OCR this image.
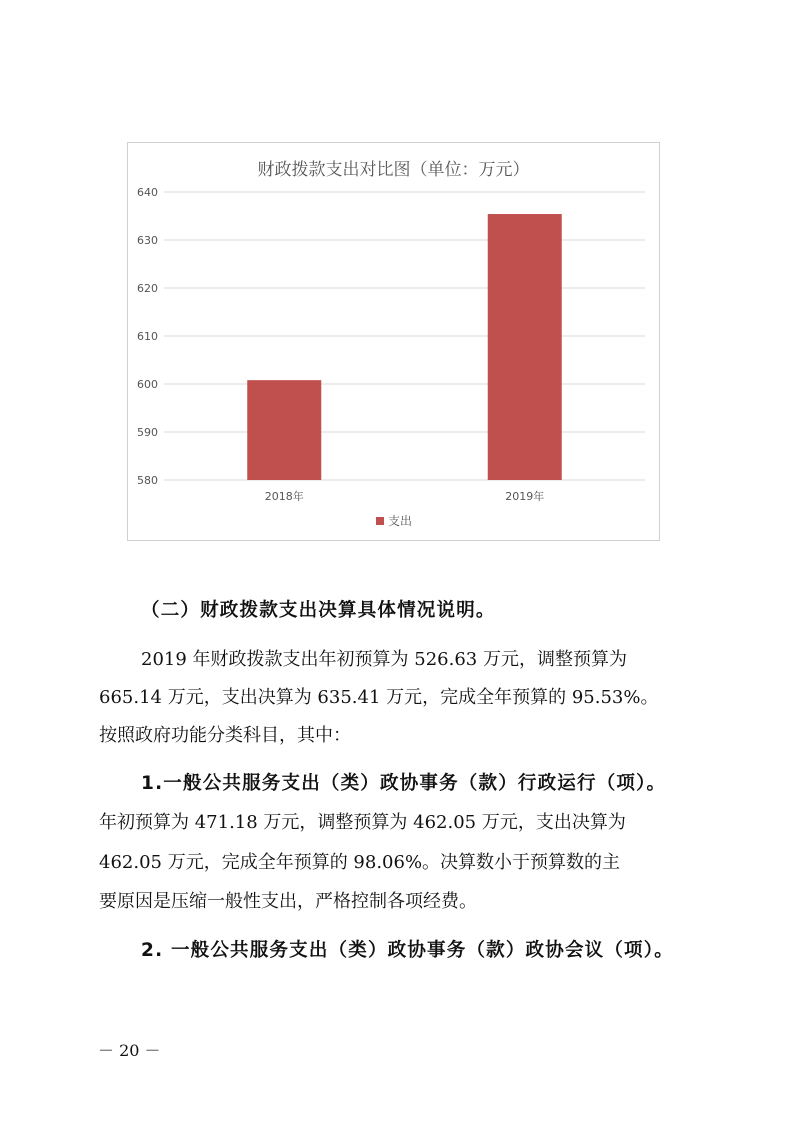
财政拨款支出对比图（单位：万元）
580
590
600
610
620
630
640
2018年	2019年
支出
（二）财政拨款支出决算具体情况说明。
2019 年财政拨款支出年初预算为 526.63 万元，调整预算为
665.14 万元，支出决算为 635.41 万元，完成全年预算的 95.53%。
按照政府功能分类科目，其中：
1.一般公共服务支出（类）政协事务（款）行政运行（项）。
年初预算为 471.18 万元，调整预算为 462.05 万元，支出决算为
462.05 万元，完成全年预算的 98.06%。决算数小于预算数的主
要原因是压缩一般性支出，严格控制各项经费。
2. 一般公共服务支出（类）政协事务（款）政协会议（项）。
－ 20 －
